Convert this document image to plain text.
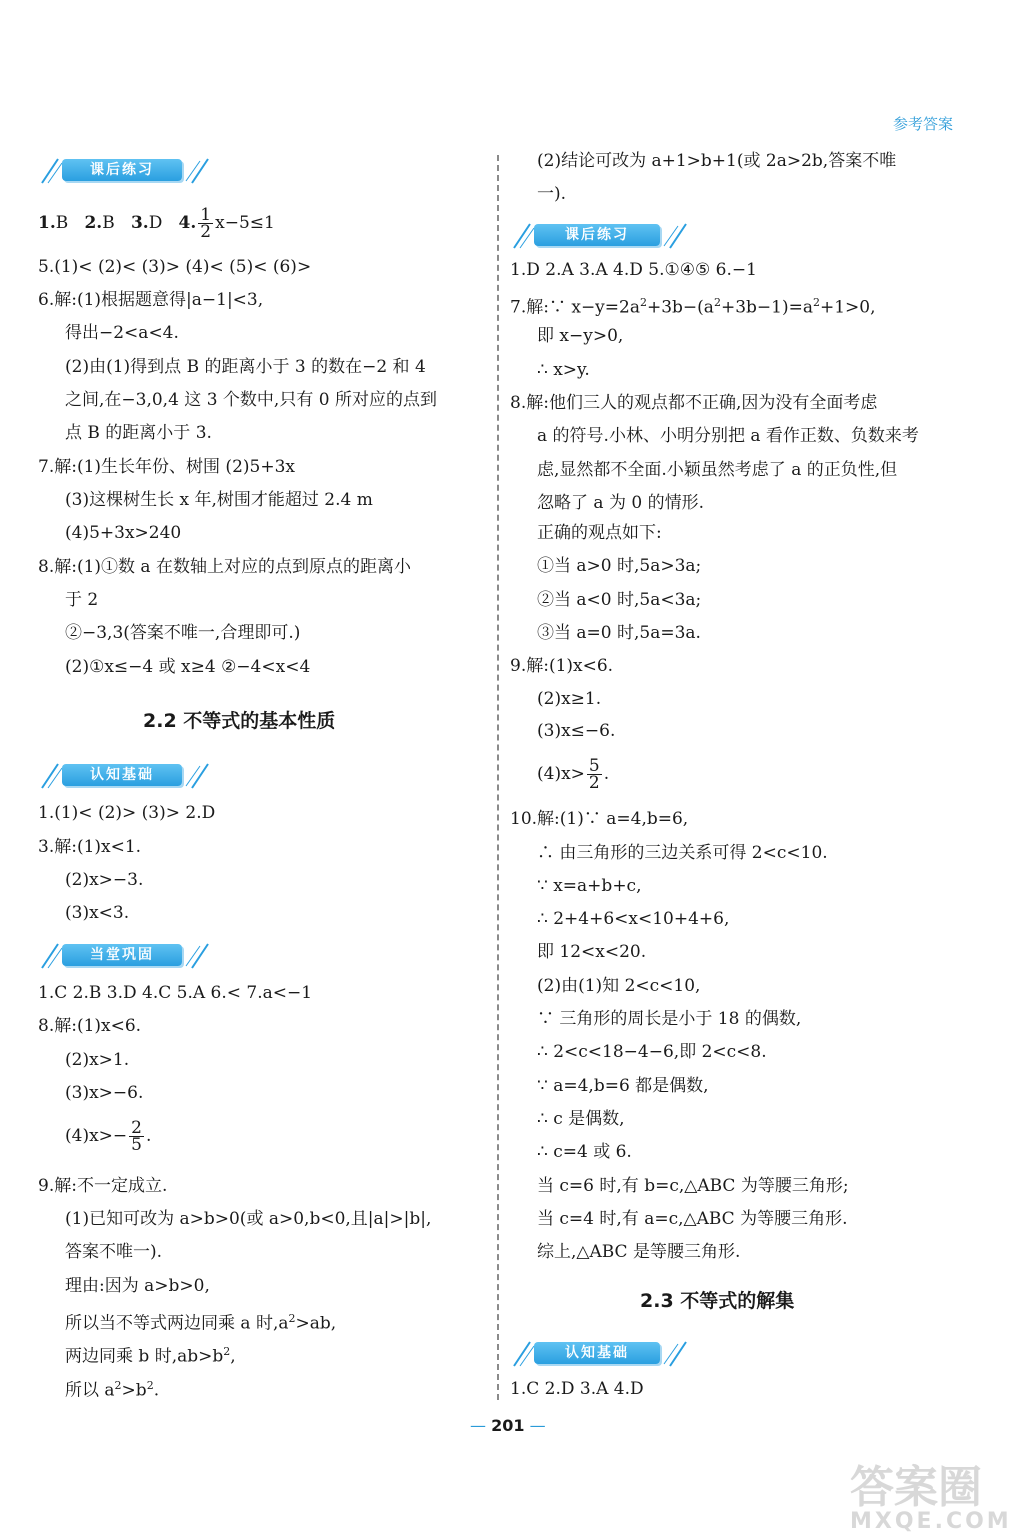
参考答案
课后练习
1.B 2.B 3.D 4. $\frac{1}{2} x-5\le 1$
5.(1)< (2)< (3)> (4)< (5)< (6)>
6.解:(1)根据题意得|a−1|<3,
得出−2<a<4.
(2)由(1)得到点 B 的距离小于 3 的数在−2 和 4
之间,在−3,0,4 这 3 个数中,只有 0 所对应的点到
点 B 的距离小于 3.
7.解:(1)生长年份、树围 (2)5+3x
(3)这棵树生长 x 年,树围才能超过 2.4 m
(4)5+3x>240
8.解:(1)①数 a 在数轴上对应的点到原点的距离小
于 2
②−3,3(答案不唯一,合理即可.)
(2)①x≤−4 或 x≥4 ②−4<x<4
2.2 不等式的基本性质
认知基础
1.(1)< (2)> (3)> 2.D
3.解:(1)x<1.
(2)x>−3.
(3)x<3.
当堂巩固
1.C 2.B 3.D 4.C 5.A 6.< 7.a<−1
8.解:(1)x<6.
(2)x>1.
(3)x>−6.
$(4)x>- \frac{2}{5}$ .
9.解:不一定成立.
(1)已知可改为 a>b>0(或 a>0,b<0,且|a|>|b|,
答案不唯一).
理由:因为 a>b>0,
所以当不等式两边同乘 a 时$,a^2>ab$,
两边同乘 b 时$,ab>b^2$,
所以 $a^2>b^2$.
(2)结论可改为 a+1>b+1(或 2a>2b,答案不唯
一).
课后练习
1.D 2.A 3.A 4.D 5.①④⑤ 6.−1
7.解:∵ $x-y=2a^2+3b-(a^2+3b-1)=a^2+1>0$,
即 x−y>0,
∴ x>y.
8.解:他们三人的观点都不正确,因为没有全面考虑
a 的符号.小林、小明分别把 a 看作正数、负数来考
虑,显然都不全面.小颖虽然考虑了 a 的正负性,但
忽略了 a 为 0 的情形.
正确的观点如下:
①当 a>0 时,5a>3a;
②当 a<0 时,5a<3a;
③当 a=0 时,5a=3a.
9.解:(1)x<6.
(2)x≥1.
(3)x≤−6.
$(4)x> \frac{5}{2}$ .
10.解:(1)∵ a=4,b=6,
∴ 由三角形的三边关系可得 2<c<10.
∵ x=a+b+c,
∴ 2+4+6<x<10+4+6,
即 12<x<20.
(2)由(1)知 2<c<10,
∵ 三角形的周长是小于 18 的偶数,
∴ 2<c<18−4−6,即 2<c<8.
∵ a=4,b=6 都是偶数,
∴ c 是偶数,
∴ c=4 或 6.
当 c=6 时,有 b=c,△ABC 为等腰三角形;
当 c=4 时,有 a=c,△ABC 为等腰三角形.
综上,△ABC 是等腰三角形.
2.3 不等式的解集
认知基础
1.C 2.D 3.A 4.D
— 201 —
答案圈
MXQE.COM
